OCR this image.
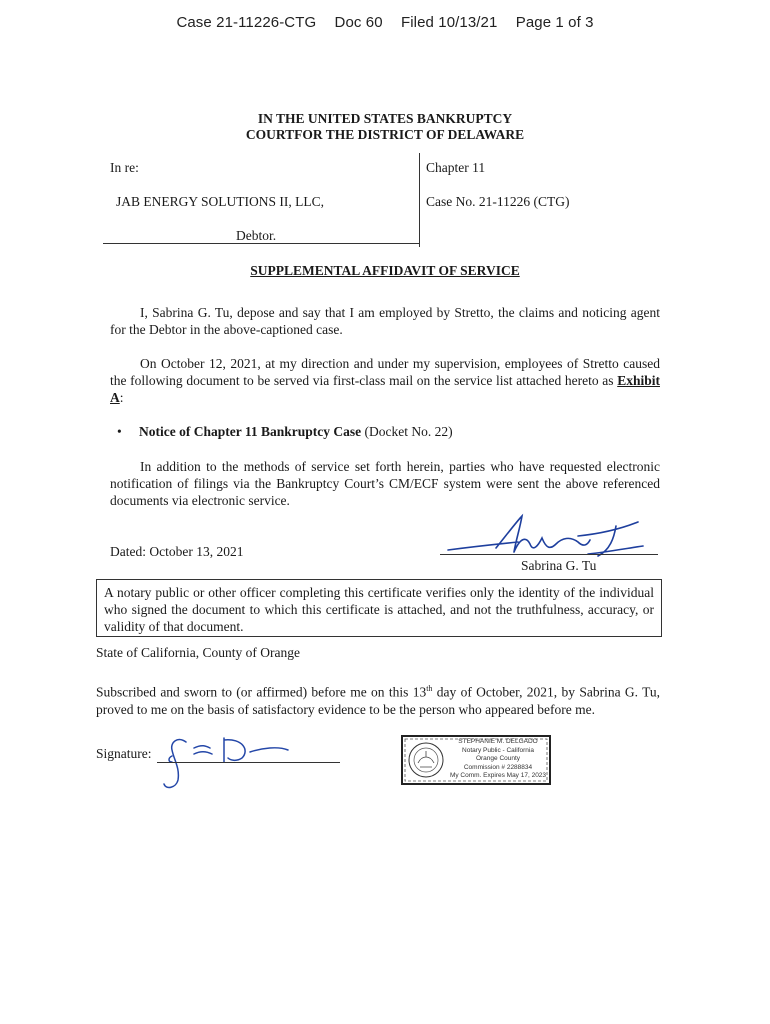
Case 21-11226-CTG Doc 60 Filed 10/13/21 Page 1 of 3
IN THE UNITED STATES BANKRUPTCY
COURTFOR THE DISTRICT OF DELAWARE
In re:
JAB ENERGY SOLUTIONS II, LLC,
Debtor.
Chapter 11
Case No. 21-11226 (CTG)
SUPPLEMENTAL AFFIDAVIT OF SERVICE
I, Sabrina G. Tu, depose and say that I am employed by Stretto, the claims and noticing agent for the Debtor in the above-captioned case.
On October 12, 2021, at my direction and under my supervision, employees of Stretto caused the following document to be served via first-class mail on the service list attached hereto as Exhibit A:
• Notice of Chapter 11 Bankruptcy Case (Docket No. 22)
In addition to the methods of service set forth herein, parties who have requested electronic notification of filings via the Bankruptcy Court’s CM/ECF system were sent the above referenced documents via electronic service.
Dated: October 13, 2021
Sabrina G. Tu
A notary public or other officer completing this certificate verifies only the identity of the individual who signed the document to which this certificate is attached, and not the truthfulness, accuracy, or validity of that document.
State of California, County of Orange
Subscribed and sworn to (or affirmed) before me on this 13th day of October, 2021, by Sabrina G. Tu, proved to me on the basis of satisfactory evidence to be the person who appeared before me.
Signature:
STEPHANIE M. DELGADO
Notary Public - California
Orange County
Commission # 2288834
My Comm. Expires May 17, 2023
